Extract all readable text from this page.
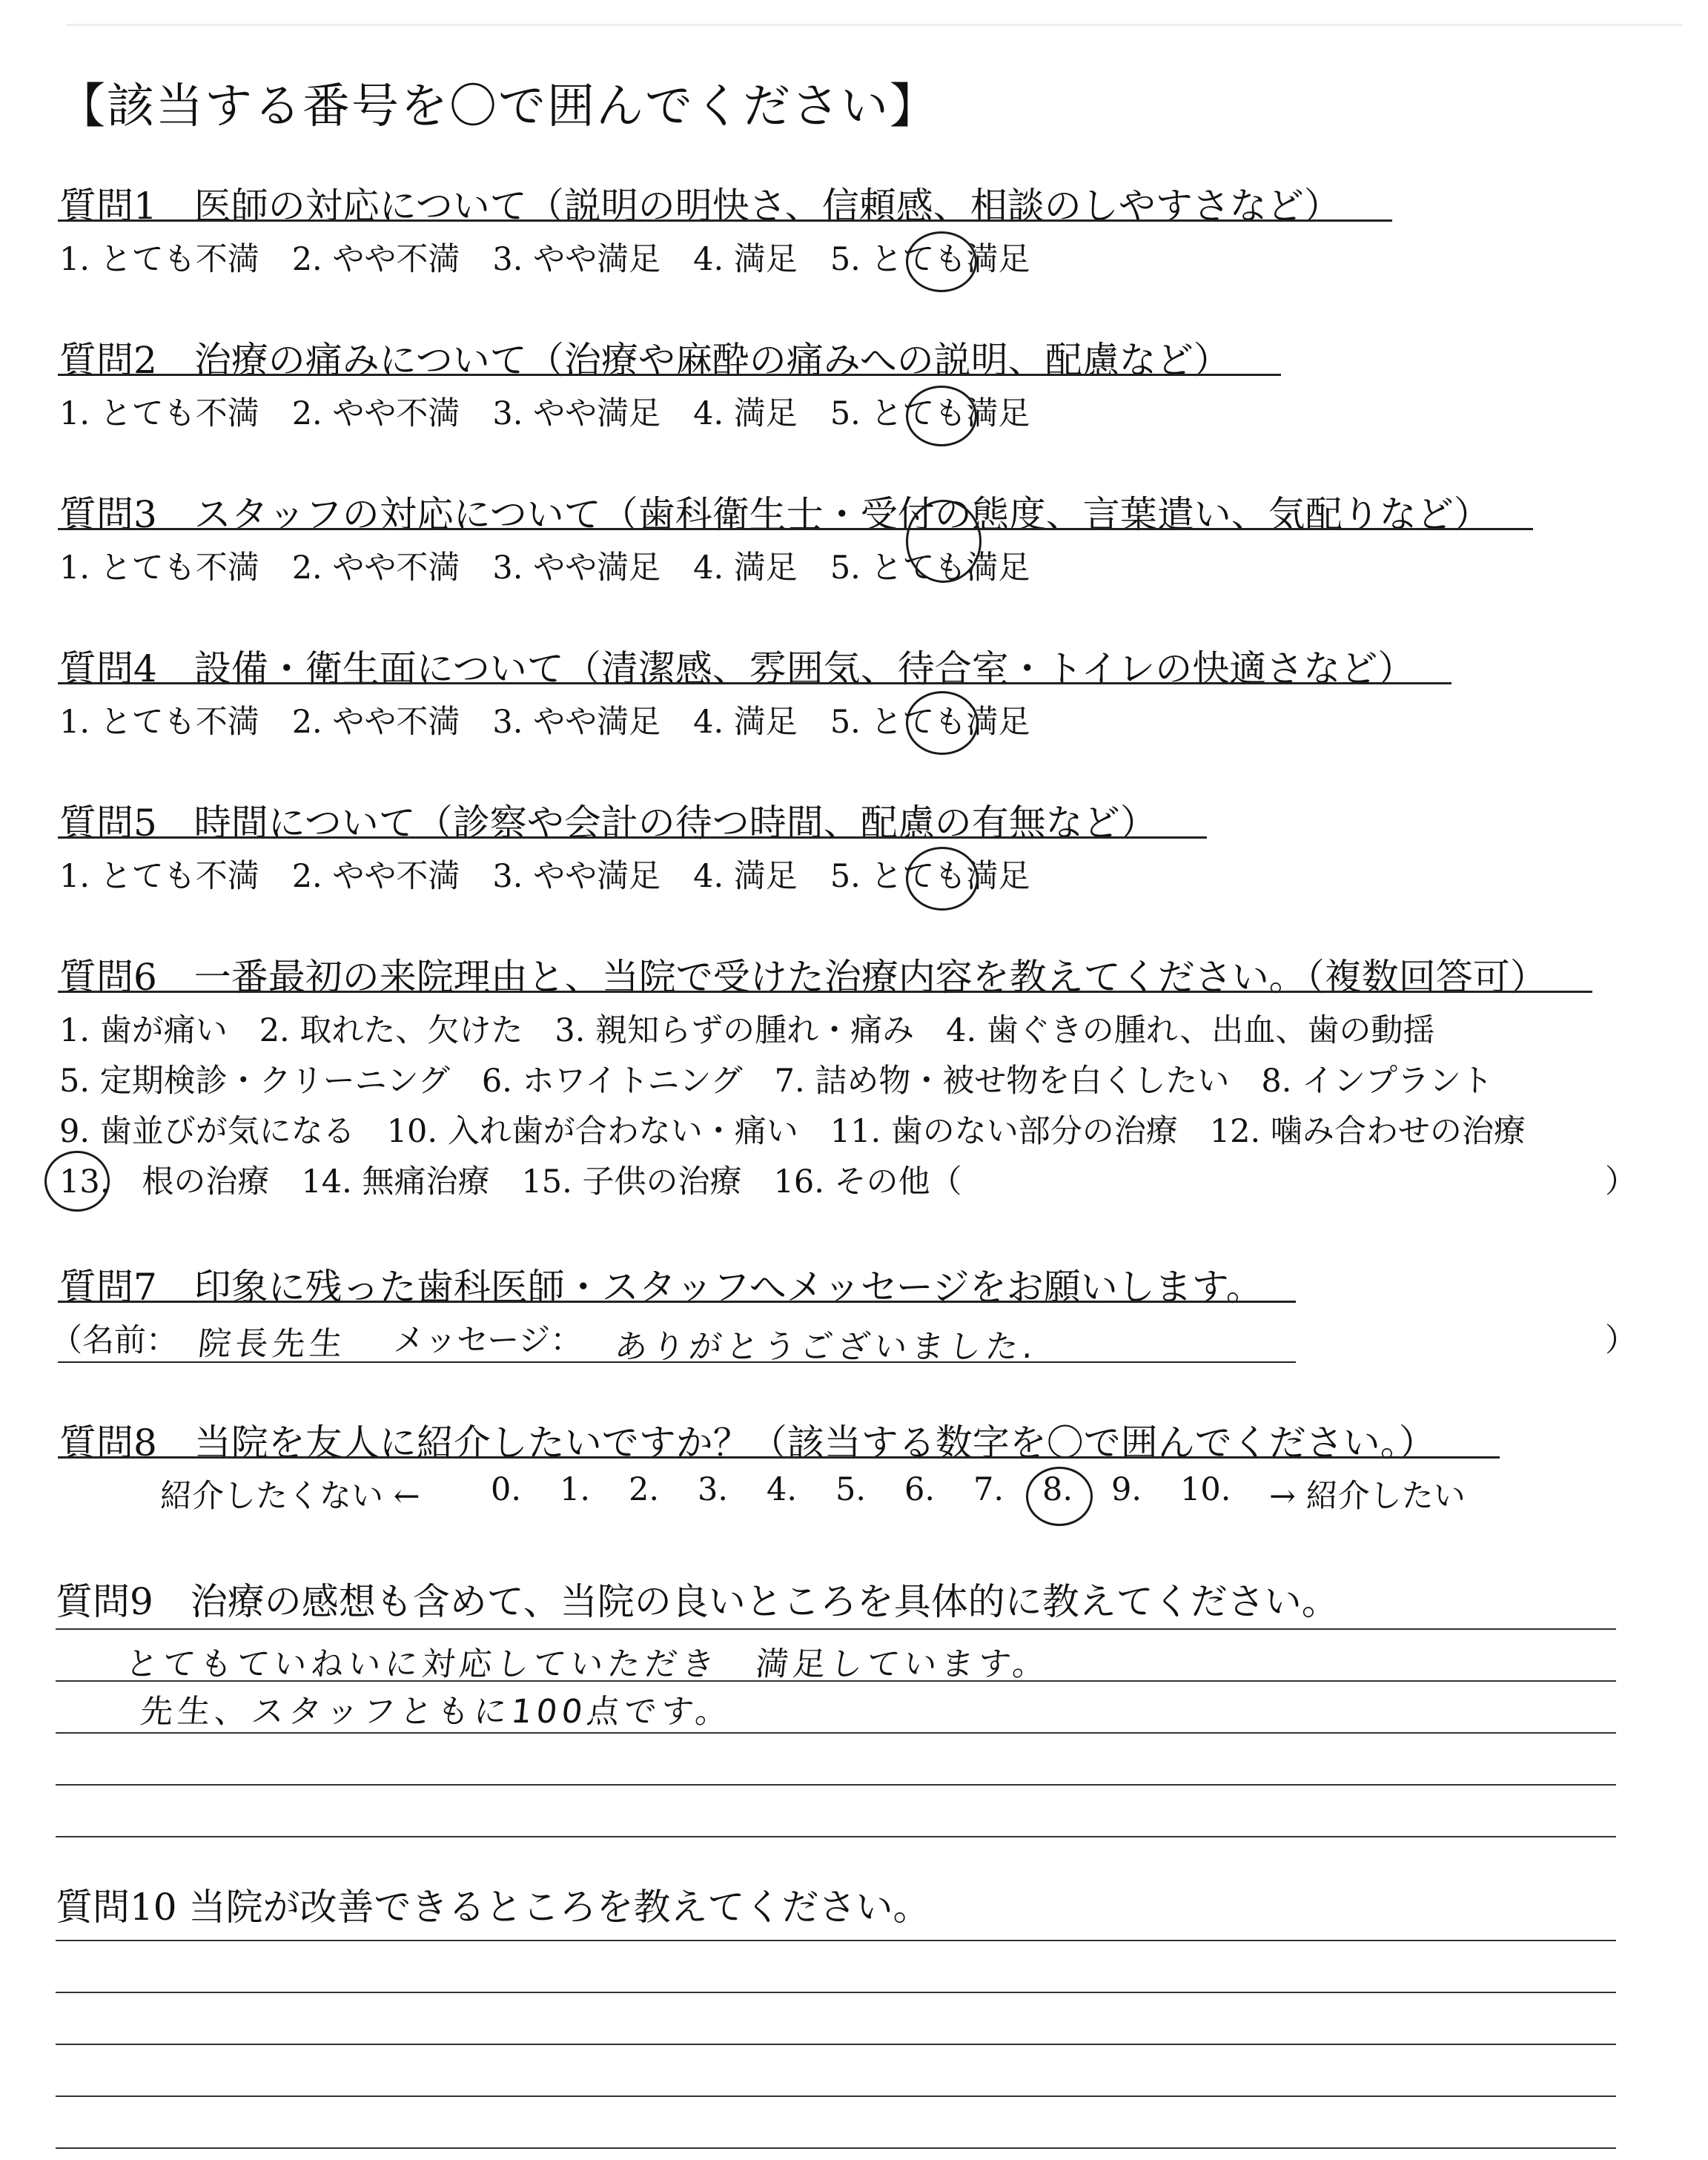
【該当する番号を〇で囲んでください】
質問1　医師の対応について（説明の明快さ、信頼感、相談のしやすさなど）
1. とても不満 2. やや不満 3. やや満足 4. 満足 5. とても満足
質問2　治療の痛みについて（治療や麻酔の痛みへの説明、配慮など）
1. とても不満 2. やや不満 3. やや満足 4. 満足 5. とても満足
質問3　スタッフの対応について（歯科衛生士・受付の態度、言葉遣い、気配りなど）
1. とても不満 2. やや不満 3. やや満足 4. 満足 5. とても満足
質問4　設備・衛生面について（清潔感、雰囲気、待合室・トイレの快適さなど）
1. とても不満 2. やや不満 3. やや満足 4. 満足 5. とても満足
質問5　時間について（診察や会計の待つ時間、配慮の有無など）
1. とても不満 2. やや不満 3. やや満足 4. 満足 5. とても満足
質問6　一番最初の来院理由と、当院で受けた治療内容を教えてください。（複数回答可）
1. 歯が痛い　2. 取れた、欠けた　3. 親知らずの腫れ・痛み　4. 歯ぐきの腫れ、出血、歯の動揺
5. 定期検診・クリーニング　6. ホワイトニング　7. 詰め物・被せ物を白くしたい　8. インプラント
9. 歯並びが気になる　10. 入れ歯が合わない・痛い　11. 歯のない部分の治療　12. 噛み合わせの治療
13.　 根の治療　14. 無痛治療　15. 子供の治療　16. その他（	）
質問7　印象に残った歯科医師・スタッフへメッセージをお願いします。
（名前： 院長先生 メッセージ： ありがとうございました.	）
質問8　当院を友人に紹介したいですか？（該当する数字を〇で囲んでください。）
紹介したくない ← 0. 1. 2. 3. 4. 5. 6. 7. 8. 9. 10. → 紹介したい
質問9　治療の感想も含めて、当院の良いところを具体的に教えてください。
とてもていねいに対応していただき　満足しています。
先生、スタッフともに100点です。
質問10 当院が改善できるところを教えてください。
